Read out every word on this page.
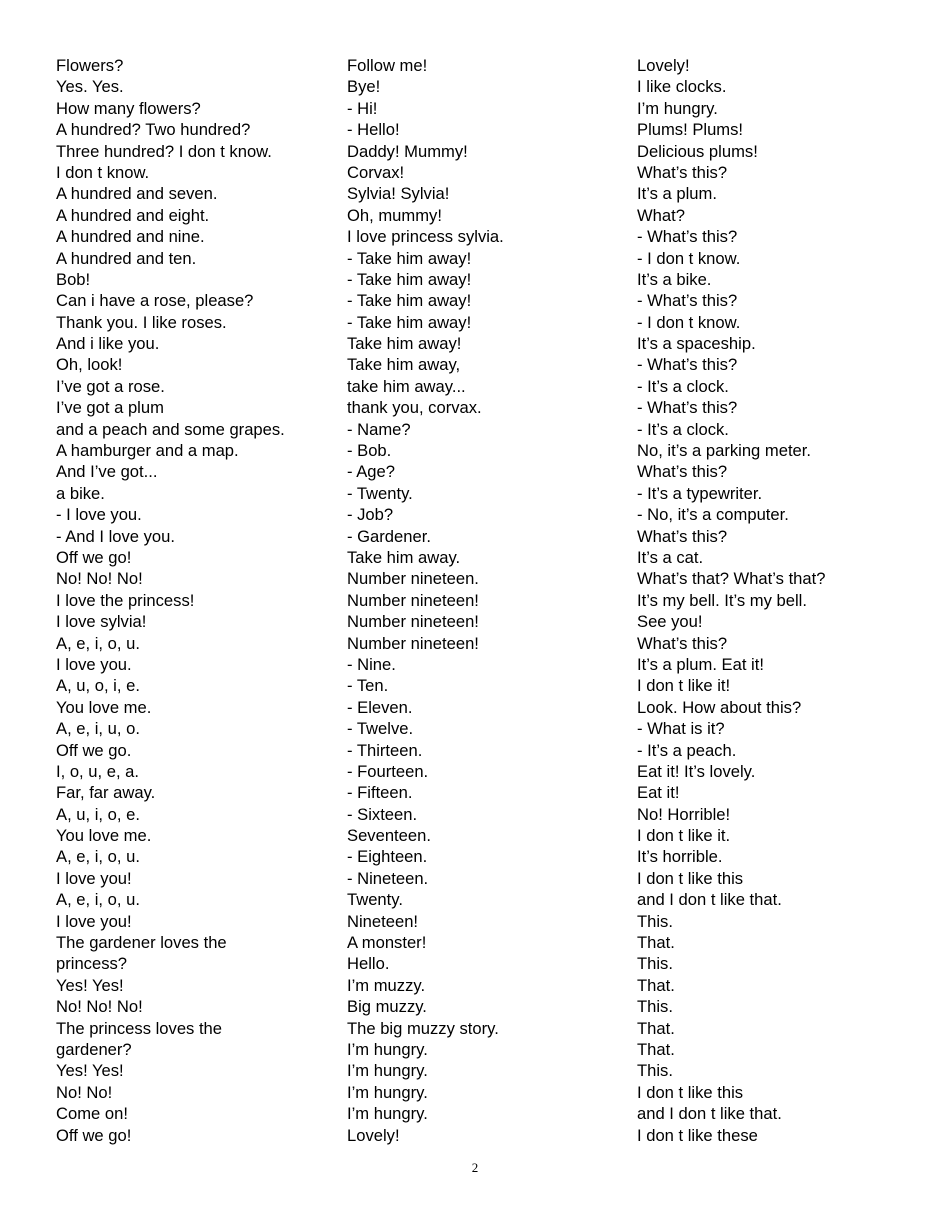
Flowers?
Yes. Yes.
How many flowers?
A hundred? Two hundred?
Three hundred? I don t know.
I don t know.
A hundred and seven.
A hundred and eight.
A hundred and nine.
A hundred and ten.
Bob!
Can i have a rose, please?
Thank you. I like roses.
And i like you.
Oh, look!
I’ve got a rose.
I’ve got a plum
and a peach and some grapes.
A hamburger and a map.
And I’ve got...
a bike.
- I love you.
- And I love you.
Off we go!
No! No! No!
I love the princess!
I love sylvia!
A, e, i, o, u.
I love you.
A, u, o, i, e.
You love me.
A, e, i, u, o.
Off we go.
I, o, u, e, a.
Far, far away.
A, u, i, o, e.
You love me.
A, e, i, o, u.
I love you!
A, e, i, o, u.
I love you!
The gardener loves the
princess?
Yes! Yes!
No! No! No!
The princess loves the
gardener?
Yes! Yes!
No! No!
Come on!
Off we go!
Follow me!
Bye!
- Hi!
- Hello!
Daddy! Mummy!
Corvax!
Sylvia! Sylvia!
Oh, mummy!
I love princess sylvia.
- Take him away!
- Take him away!
- Take him away!
- Take him away!
Take him away!
Take him away,
take him away...
thank you, corvax.
- Name?
- Bob.
- Age?
- Twenty.
- Job?
- Gardener.
Take him away.
Number nineteen.
Number nineteen!
Number nineteen!
Number nineteen!
- Nine.
- Ten.
- Eleven.
- Twelve.
- Thirteen.
- Fourteen.
- Fifteen.
- Sixteen.
Seventeen.
- Eighteen.
- Nineteen.
Twenty.
Nineteen!
A monster!
Hello.
I’m muzzy.
Big muzzy.
The big muzzy story.
I’m hungry.
I’m hungry.
I’m hungry.
I’m hungry.
Lovely!
Lovely!
I like clocks.
I’m hungry.
Plums! Plums!
Delicious plums!
What’s this?
It’s a plum.
What?
- What’s this?
- I don t know.
It’s a bike.
- What’s this?
- I don t know.
It’s a spaceship.
- What’s this?
- It’s a clock.
- What’s this?
- It’s a clock.
No, it’s a parking meter.
What’s this?
- It’s a typewriter.
- No, it’s a computer.
What’s this?
It’s a cat.
What’s that? What’s that?
It’s my bell. It’s my bell.
See you!
What’s this?
It’s a plum. Eat it!
I don t like it!
Look. How about this?
- What is it?
- It’s a peach.
Eat it! It’s lovely.
Eat it!
No! Horrible!
I don t like it.
It’s horrible.
I don t like this
and I don t like that.
This.
That.
This.
That.
This.
That.
That.
This.
I don t like this
and I don t like that.
I don t like these
2
